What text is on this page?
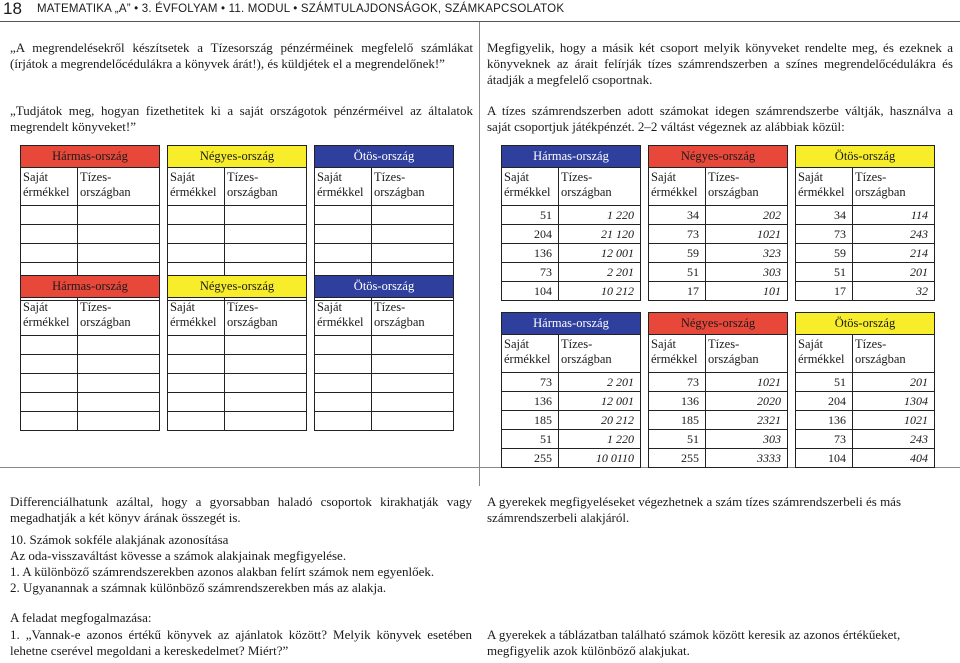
18 MATEMATIKA „A” • 3. ÉVFOLYAM • 11. MODUL • SZÁMTULAJDONSÁGOK, SZÁMKAPCSOLATOK

„A megrendelésekről készítsetek a Tízesország pénzérméinek megfelelő számlákat (írjátok a megrendelőcédulákra a könyvek árát!), és küldjétek el a megrendelőnek!”

„Tudjátok meg, hogyan fizethetitek ki a saját országotok pénzérméivel az általatok megrendelt könyveket!”

Megfigyelik, hogy a másik két csoport melyik könyveket rendelte meg, és ezeknek a könyveknek az árait felírják tízes számrendszerben a színes megrendelőcédulákra és átadják a megfelelő csoportnak.

A tízes számrendszerben adott számokat idegen számrendszerbe váltják, használva a saját csoportjuk játékpénzét. 2–2 váltást végeznek az alábbiak közül:

Hármas-ország			Négyes-ország			Ötös-ország	
Saját érmékkel	Tízes-országban		Saját érmékkel	Tízes-országban		Saját érmékkel	Tízes-országban

Hármas-ország			Négyes-ország			Ötös-ország	
Saját érmékkel	Tízes-országban		Saját érmékkel	Tízes-országban		Saját érmékkel	Tízes-országban

Hármas-ország			Négyes-ország			Ötös-ország	
Saját érmékkel	Tízes-országban		Saját érmékkel	Tízes-országban		Saját érmékkel	Tízes-országban
51	1 220		34	202		34	114
204	21 120		73	1021		73	243
136	12 001		59	323		59	214
73	2 201		51	303		51	201
104	10 212		17	101		17	32
Hármas-ország			Négyes-ország			Ötös-ország	
Saját érmékkel	Tízes-országban		Saját érmékkel	Tízes-országban		Saját érmékkel	Tízes-országban
73	2 201		73	1021		51	201
136	12 001		136	2020		204	1304
185	20 212		185	2321		136	1021
51	1 220		51	303		73	243
255	10 0110		255	3333		104	404
Differenciálhatunk azáltal, hogy a gyorsabban haladó csoportok kirakhatják vagy megadhatják a két könyv árának összegét is.
10. Számok sokféle alakjának azonosítása
Az oda-visszaváltást kövesse a számok alakjainak megfigyelése.
1. A különböző számrendszerekben azonos alakban felírt számok nem egyenlőek.
2. Ugyanannak a számnak különböző számrendszerekben más az alakja.
A feladat megfogalmazása:
1. „Vannak-e azonos értékű könyvek az ajánlatok között? Melyik könyvek esetében lehetne cserével megoldani a kereskedelmet? Miért?”
A gyerekek megfigyeléseket végezhetnek a szám tízes számrendszerbeli és más számrendszerbeli alakjáról.
A gyerekek a táblázatban található számok között keresik az azonos értékűeket, megfigyelik azok különböző alakjukat.
